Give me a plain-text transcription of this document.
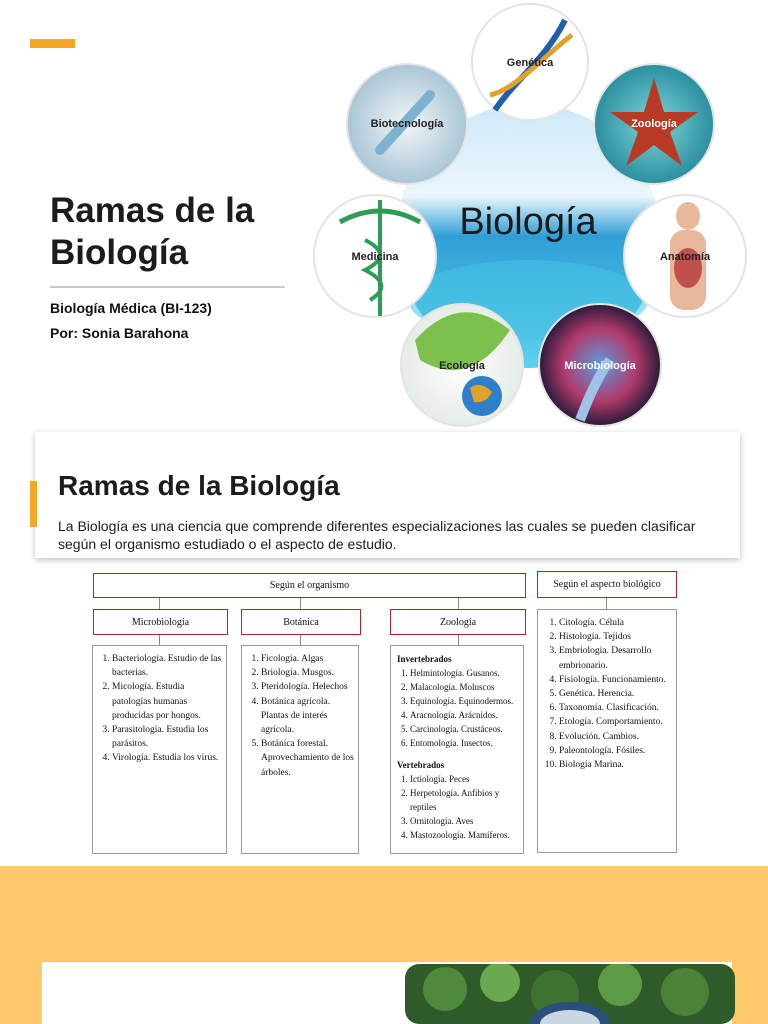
Ramas de la Biología
Biología Médica (BI-123)
Por: Sonia Barahona
Biología
Genética
Biotecnología	Zoología
Medicina	Anatomía
Ecología	Microbiología
Ramas de la Biología
La Biología es una ciencia que comprende diferentes especializaciones las cuales se pueden clasificar según el organismo estudiado o el aspecto de estudio.
Según el organismo	Según el aspecto biológico
Microbiología	Botánica	Zoología
1. Bacteriología. Estudio de las bacterias.
2. Micología. Estudia patologías humanas producidas por hongos.
3. Parasitología. Estudia los parásitos.
4. Virología. Estudia los virus.
1. Ficología. Algas
2. Briología. Musgos.
3. Pteridología. Helechos
4. Botánica agrícola. Plantas de interés agrícola.
5. Botánica forestal. Aprovechamiento de los árboles.
Invertebrados
1. Helmintología. Gusanos.
2. Malacología. Moluscos
3. Equinología. Equinodermos.
4. Aracnología. Arácnidos.
5. Carcinología. Crustáceos.
6. Entomología. Insectos.
Vertebrados
1. Ictiología. Peces
2. Herpetología. Anfibios y reptiles
3. Ornitología. Aves
4. Mastozoología. Mamíferos.
1. Citología. Célula
2. Histología. Tejidos
3. Embriología. Desarrollo embrionario.
4. Fisiología. Funcionamiento.
5. Genética. Herencia.
6. Taxonomía. Clasificación.
7. Etología. Comportamiento.
8. Evolución. Cambios.
9. Paleontología. Fósiles.
10. Biología Marina.
